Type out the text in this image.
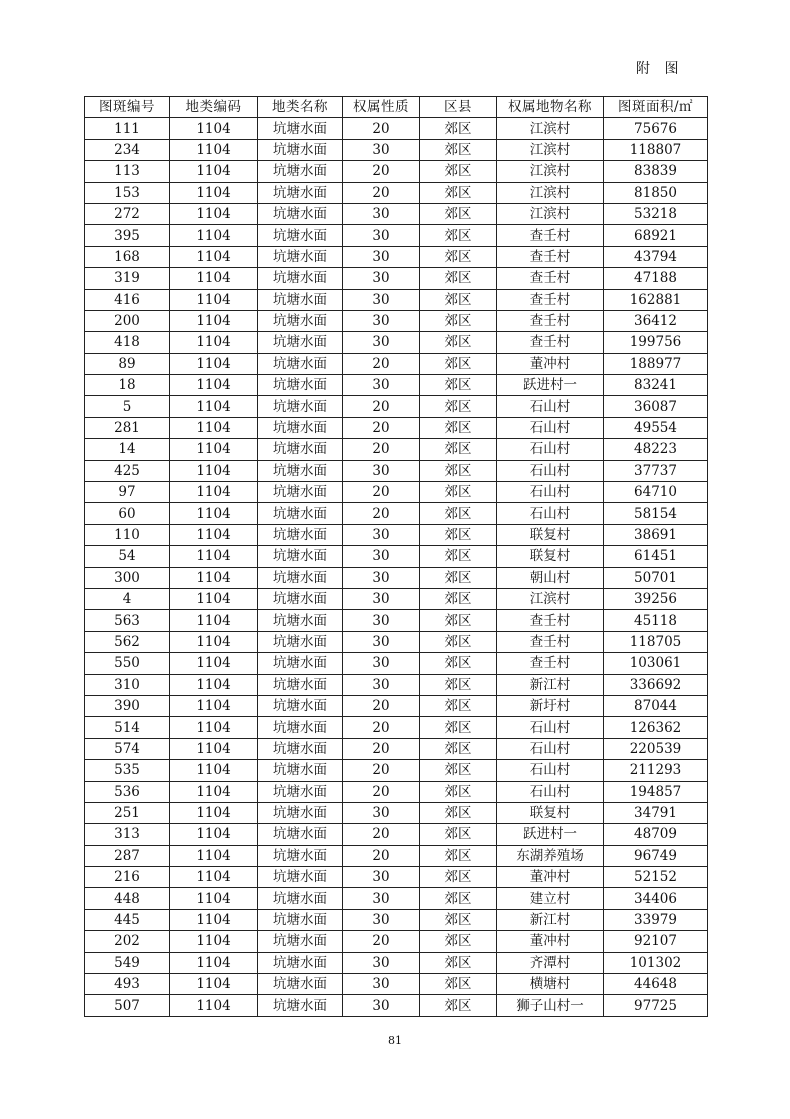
附 图
图斑编号	地类编码	地类名称	权属性质	区县	权属地物名称	图斑面积/㎡
111	1104	坑塘水面	20	郊区	江滨村	75676
234	1104	坑塘水面	30	郊区	江滨村	118807
113	1104	坑塘水面	20	郊区	江滨村	83839
153	1104	坑塘水面	20	郊区	江滨村	81850
272	1104	坑塘水面	30	郊区	江滨村	53218
395	1104	坑塘水面	30	郊区	查壬村	68921
168	1104	坑塘水面	30	郊区	查壬村	43794
319	1104	坑塘水面	30	郊区	查壬村	47188
416	1104	坑塘水面	30	郊区	查壬村	162881
200	1104	坑塘水面	30	郊区	查壬村	36412
418	1104	坑塘水面	30	郊区	查壬村	199756
89	1104	坑塘水面	20	郊区	董冲村	188977
18	1104	坑塘水面	30	郊区	跃进村一	83241
5	1104	坑塘水面	20	郊区	石山村	36087
281	1104	坑塘水面	20	郊区	石山村	49554
14	1104	坑塘水面	20	郊区	石山村	48223
425	1104	坑塘水面	30	郊区	石山村	37737
97	1104	坑塘水面	20	郊区	石山村	64710
60	1104	坑塘水面	20	郊区	石山村	58154
110	1104	坑塘水面	30	郊区	联复村	38691
54	1104	坑塘水面	30	郊区	联复村	61451
300	1104	坑塘水面	30	郊区	朝山村	50701
4	1104	坑塘水面	30	郊区	江滨村	39256
563	1104	坑塘水面	30	郊区	查壬村	45118
562	1104	坑塘水面	30	郊区	查壬村	118705
550	1104	坑塘水面	30	郊区	查壬村	103061
310	1104	坑塘水面	30	郊区	新江村	336692
390	1104	坑塘水面	20	郊区	新圩村	87044
514	1104	坑塘水面	20	郊区	石山村	126362
574	1104	坑塘水面	20	郊区	石山村	220539
535	1104	坑塘水面	20	郊区	石山村	211293
536	1104	坑塘水面	20	郊区	石山村	194857
251	1104	坑塘水面	30	郊区	联复村	34791
313	1104	坑塘水面	20	郊区	跃进村一	48709
287	1104	坑塘水面	20	郊区	东湖养殖场	96749
216	1104	坑塘水面	30	郊区	董冲村	52152
448	1104	坑塘水面	30	郊区	建立村	34406
445	1104	坑塘水面	30	郊区	新江村	33979
202	1104	坑塘水面	20	郊区	董冲村	92107
549	1104	坑塘水面	30	郊区	齐潭村	101302
493	1104	坑塘水面	30	郊区	横塘村	44648
507	1104	坑塘水面	30	郊区	狮子山村一	97725
81
